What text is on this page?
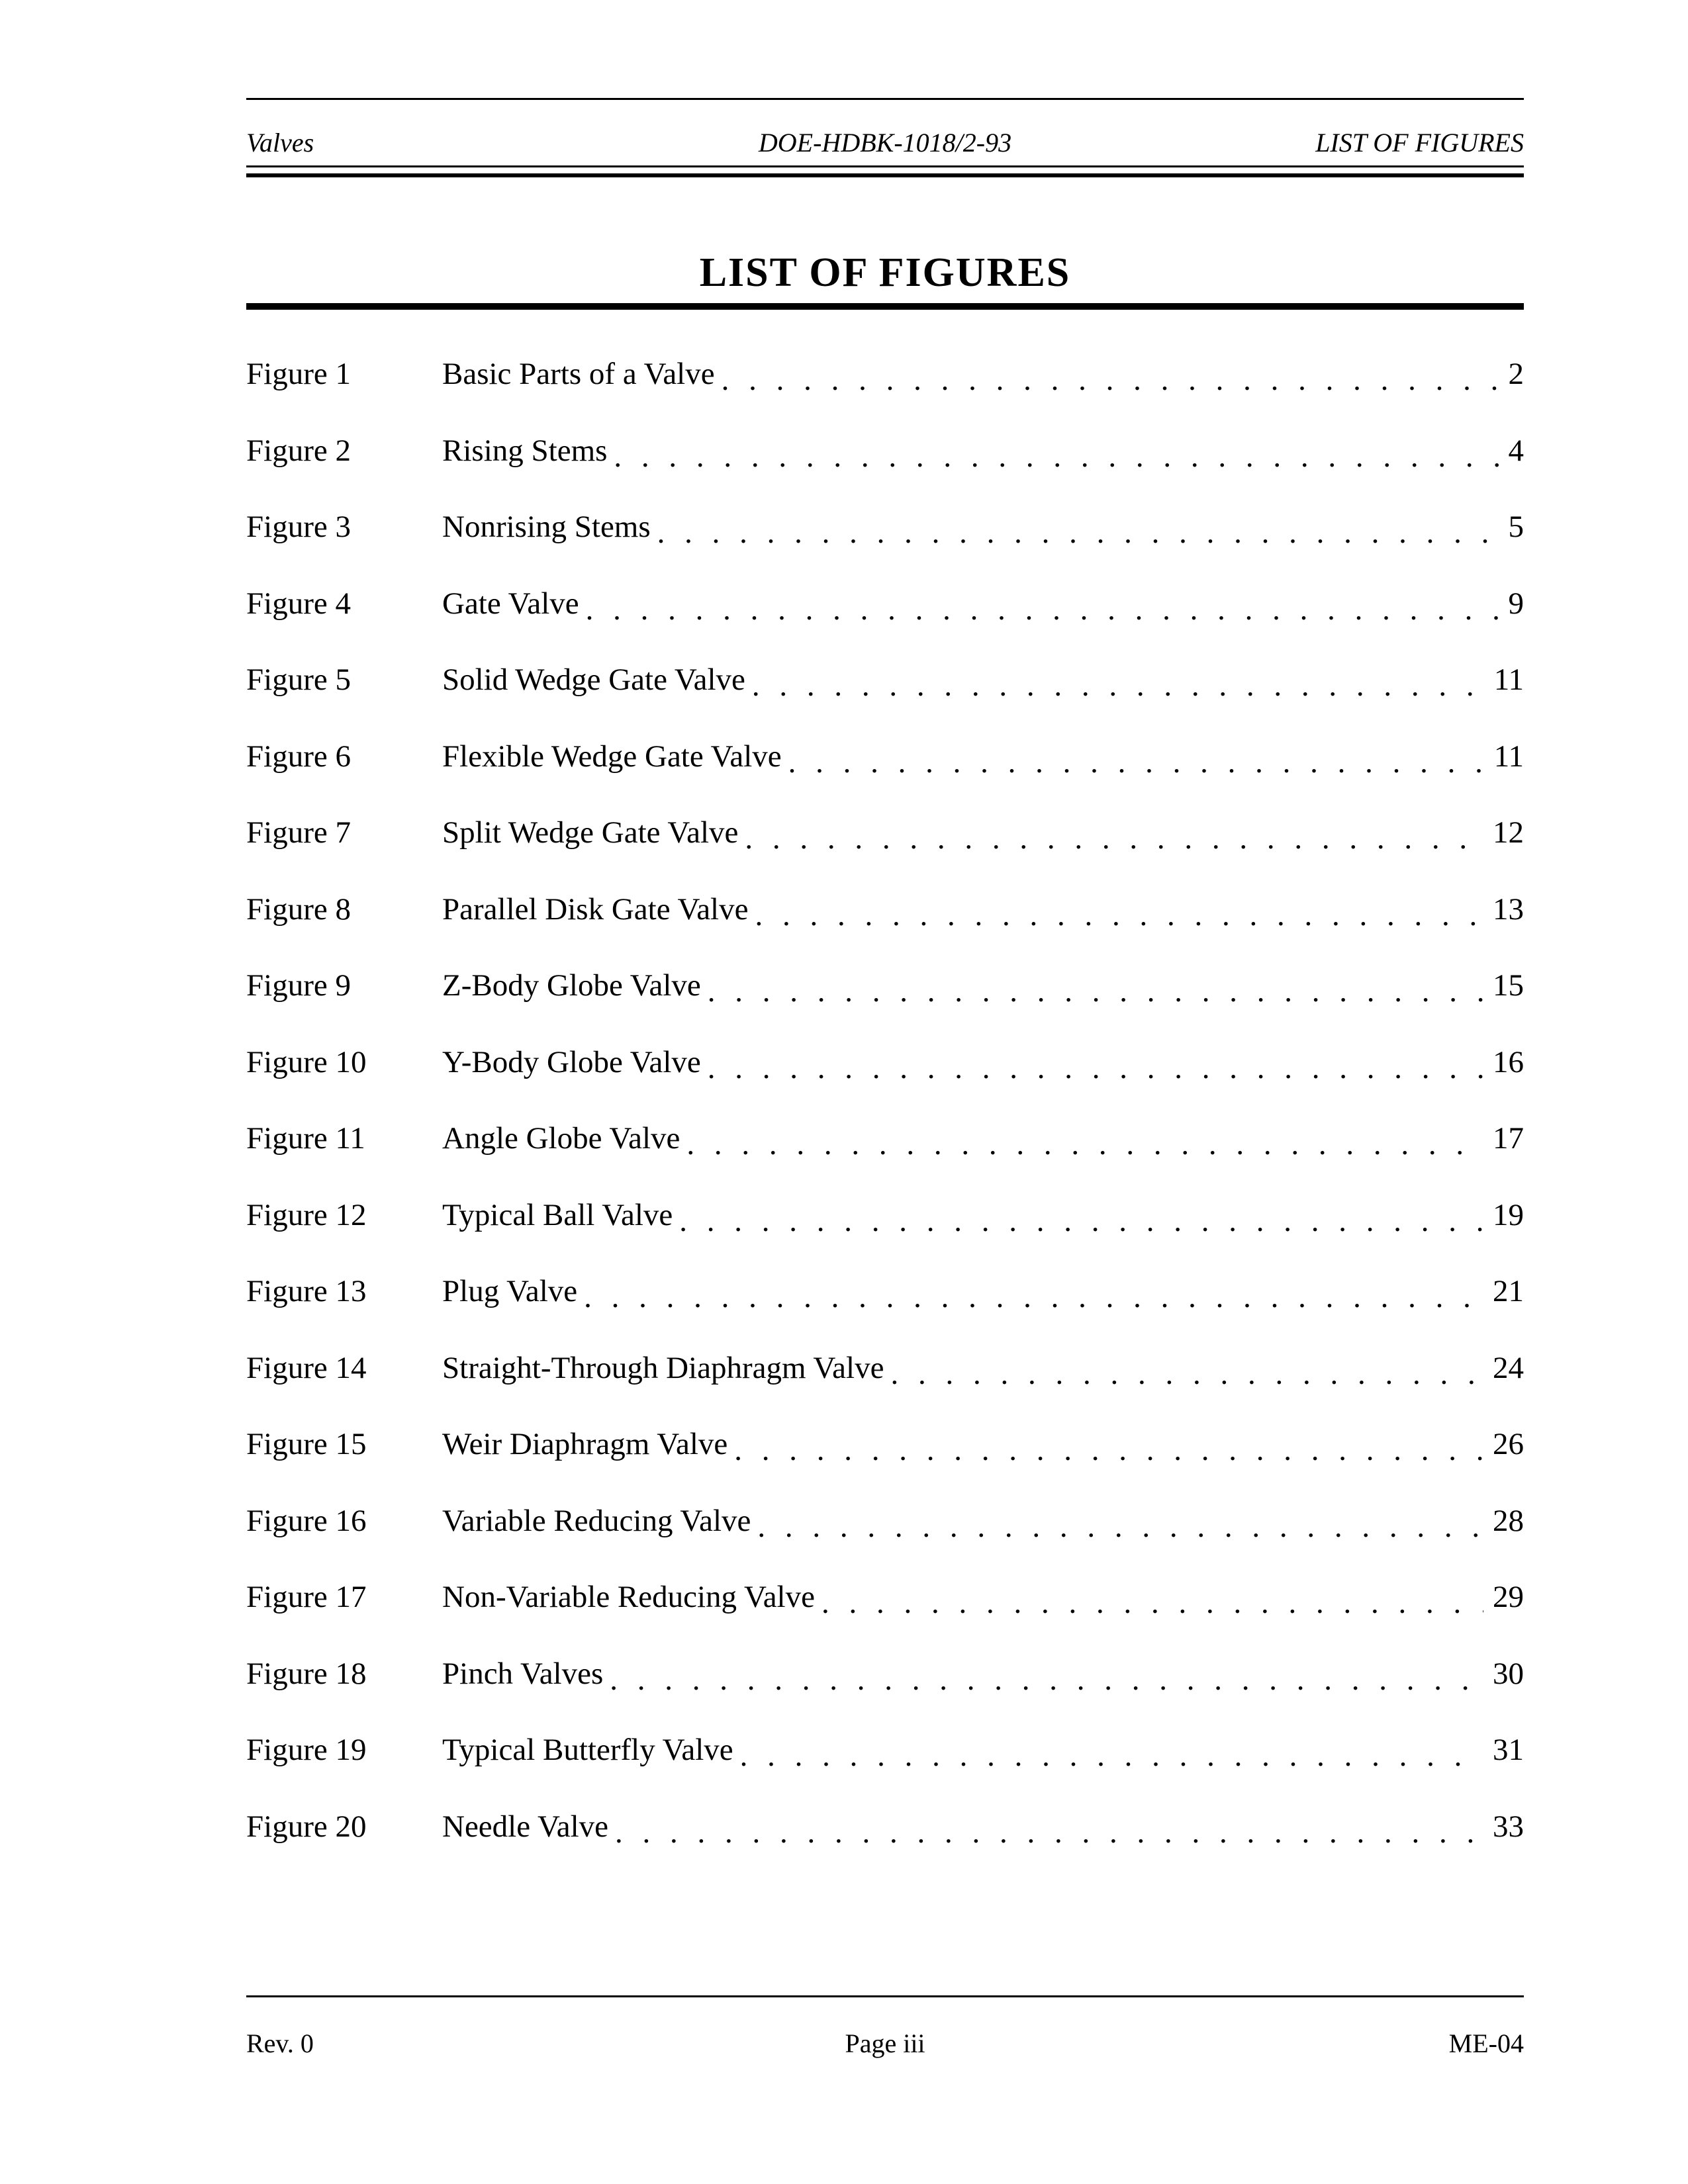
Valves	DOE-HDBK-1018/2-93	LIST OF FIGURES
LIST OF FIGURES
Figure 1	Basic Parts of a Valve . . .	2
Figure 2	Rising Stems . . .	4
Figure 3	Nonrising Stems . . .	5
Figure 4	Gate Valve . . .	9
Figure 5	Solid Wedge Gate Valve . . .	11
Figure 6	Flexible Wedge Gate Valve . . .	11
Figure 7	Split Wedge Gate Valve . . .	12
Figure 8	Parallel Disk Gate Valve . . .	13
Figure 9	Z-Body Globe Valve . . .	15
Figure 10 Y-Body Globe Valve . . .	16
Figure 11 Angle Globe Valve . . .	17
Figure 12 Typical Ball Valve . . .	19
Figure 13 Plug Valve . . .	21
Figure 14 Straight-Through Diaphragm Valve . . .	24
Figure 15 Weir Diaphragm Valve . . .	26
Figure 16 Variable Reducing Valve . . .	28
Figure 17 Non-Variable Reducing Valve . . .	29
Figure 18 Pinch Valves . . .	30
Figure 19 Typical Butterfly Valve . . .	31
Figure 20 Needle Valve . . .	33
Rev. 0	Page iii	ME-04
